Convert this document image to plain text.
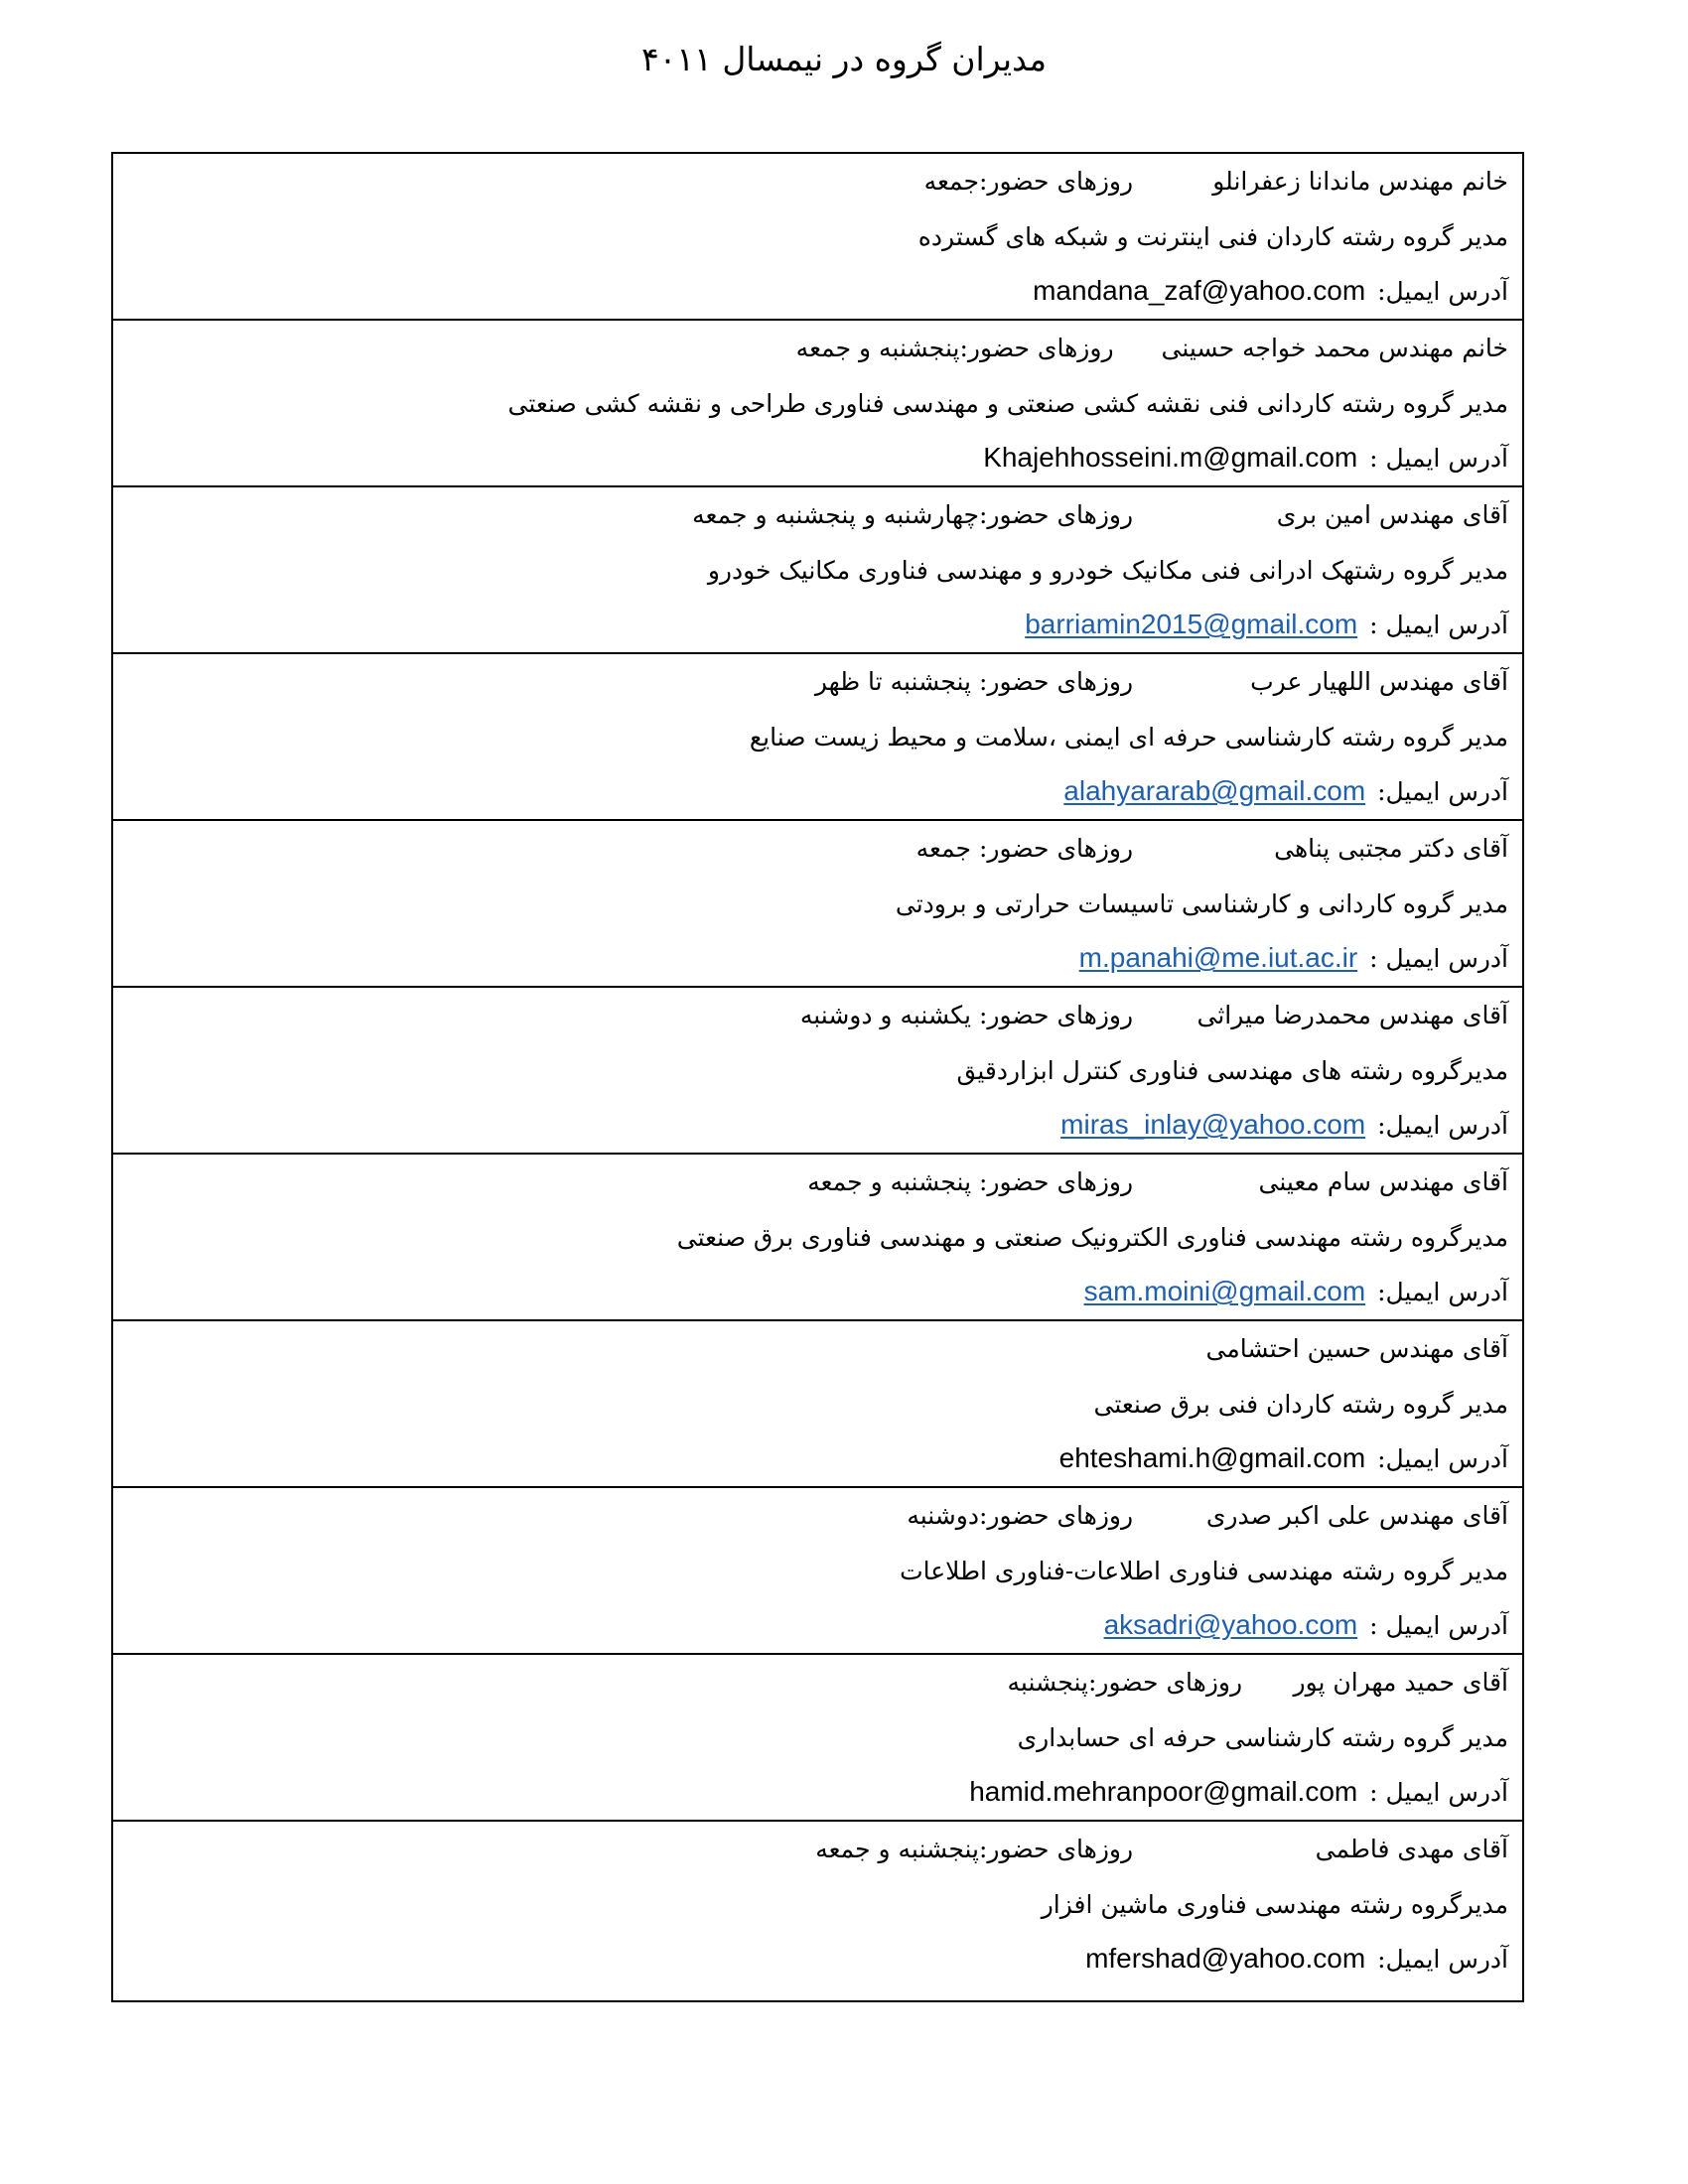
مدیران گروه در نیمسال ۴۰۱۱
خانم مهندس ماندانا زعفرانلو روزهای حضور:جمعه
مدیر گروه رشته کاردان فنی اینترنت و شبکه های گسترده
آدرس ایمیل: mandana_zaf@yahoo.com
خانم مهندس محمد خواجه حسینی روزهای حضور:پنجشنبه و جمعه
مدیر گروه رشته کاردانی فنی نقشه کشی صنعتی و مهندسی فناوری طراحی و نقشه کشی صنعتی
آدرس ایمیل : Khajehhosseini.m@gmail.com
آقای مهندس امین بری روزهای حضور:چهارشنبه و پنجشنبه و جمعه
مدیر گروه رشتهک ادرانی فنی مکانیک خودرو و مهندسی فناوری مکانیک خودرو
آدرس ایمیل : barriamin2015@gmail.com
آقای مهندس اللهیار عرب روزهای حضور: پنجشنبه تا ظهر
مدیر گروه رشته کارشناسی حرفه ای ایمنی ،سلامت و محیط زیست صنایع
آدرس ایمیل: alahyararab@gmail.com
آقای دکتر مجتبی پناهی روزهای حضور: جمعه
مدیر گروه کاردانی و کارشناسی تاسیسات حرارتی و برودتی
آدرس ایمیل : m.panahi@me.iut.ac.ir
آقای مهندس محمدرضا میراثی روزهای حضور: یکشنبه و دوشنبه
مدیرگروه رشته های مهندسی فناوری کنترل ابزاردقیق
آدرس ایمیل: miras_inlay@yahoo.com
آقای مهندس سام معینی روزهای حضور: پنجشنبه و جمعه
مدیرگروه رشته مهندسی فناوری الکترونیک صنعتی و مهندسی فناوری برق صنعتی
آدرس ایمیل: sam.moini@gmail.com
آقای مهندس حسین احتشامی
مدیر گروه رشته کاردان فنی برق صنعتی
آدرس ایمیل: ehteshami.h@gmail.com
آقای مهندس علی اکبر صدری روزهای حضور:دوشنبه
مدیر گروه رشته مهندسی فناوری اطلاعات-فناوری اطلاعات
آدرس ایمیل : aksadri@yahoo.com
آقای حمید مهران پور روزهای حضور:پنجشنبه
مدیر گروه رشته کارشناسی حرفه ای حسابداری
آدرس ایمیل : hamid.mehranpoor@gmail.com
آقای مهدی فاطمی روزهای حضور:پنجشنبه و جمعه
مدیرگروه رشته مهندسی فناوری ماشین افزار
آدرس ایمیل: mfershad@yahoo.com
